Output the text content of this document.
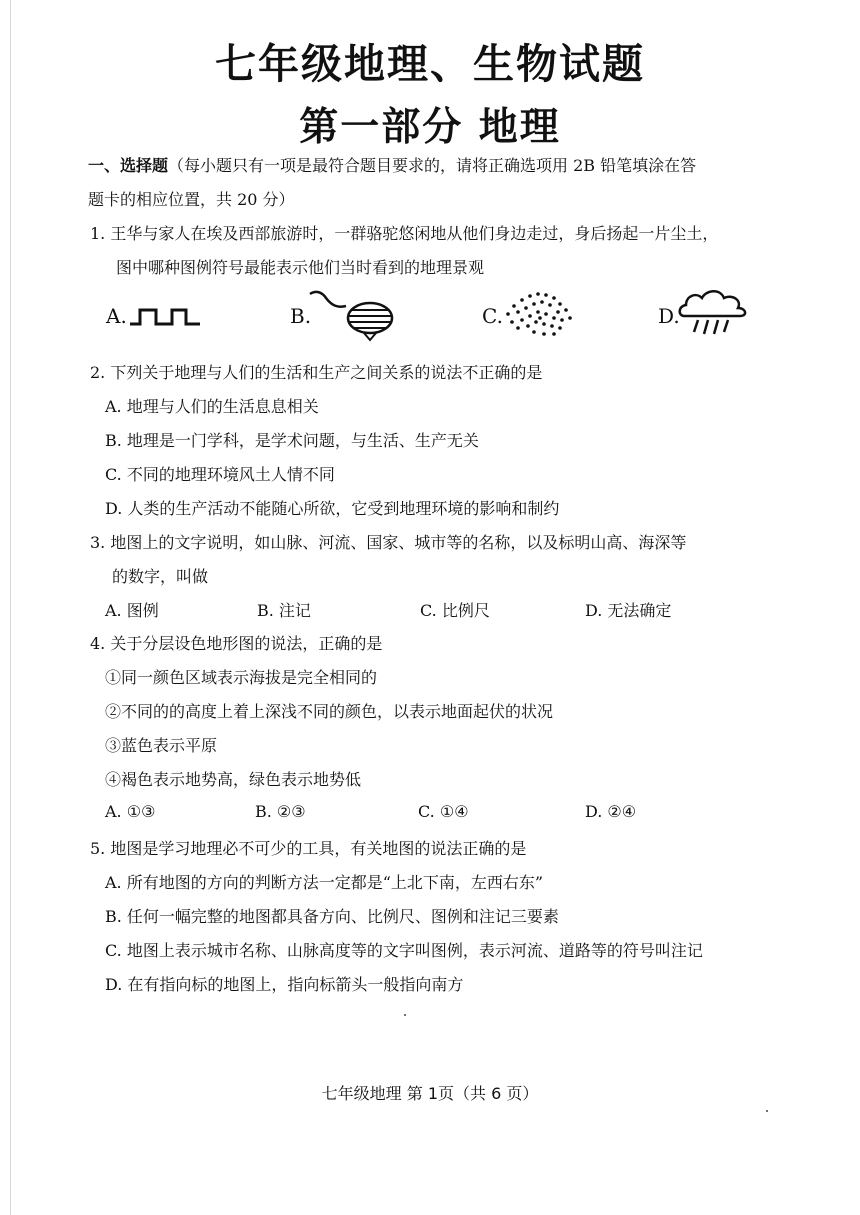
七年级地理、生物试题
第一部分 地理
一、选择题（每小题只有一项是最符合题目要求的，请将正确选项用 2B 铅笔填涂在答
题卡的相应位置，共 20 分）
1. 王华与家人在埃及西部旅游时，一群骆驼悠闲地从他们身边走过，身后扬起一片尘土，
图中哪种图例符号最能表示他们当时看到的地理景观
A.	B.	C.	D.
2. 下列关于地理与人们的生活和生产之间关系的说法不正确的是
A. 地理与人们的生活息息相关
B. 地理是一门学科，是学术问题，与生活、生产无关
C. 不同的地理环境风土人情不同
D. 人类的生产活动不能随心所欲，它受到地理环境的影响和制约
3. 地图上的文字说明，如山脉、河流、国家、城市等的名称，以及标明山高、海深等
的数字，叫做
A. 图例	B. 注记	C. 比例尺	D. 无法确定
4. 关于分层设色地形图的说法，正确的是
①同一颜色区域表示海拔是完全相同的
②不同的的高度上着上深浅不同的颜色，以表示地面起伏的状况
③蓝色表示平原
④褐色表示地势高，绿色表示地势低
A. ①③	B. ②③	C. ①④	D. ②④
5. 地图是学习地理必不可少的工具，有关地图的说法正确的是
A. 所有地图的方向的判断方法一定都是“上北下南，左西右东”
B. 任何一幅完整的地图都具备方向、比例尺、图例和注记三要素
C. 地图上表示城市名称、山脉高度等的文字叫图例，表示河流、道路等的符号叫注记
D. 在有指向标的地图上，指向标箭头一般指向南方
七年级地理 第 1页（共 6 页）
